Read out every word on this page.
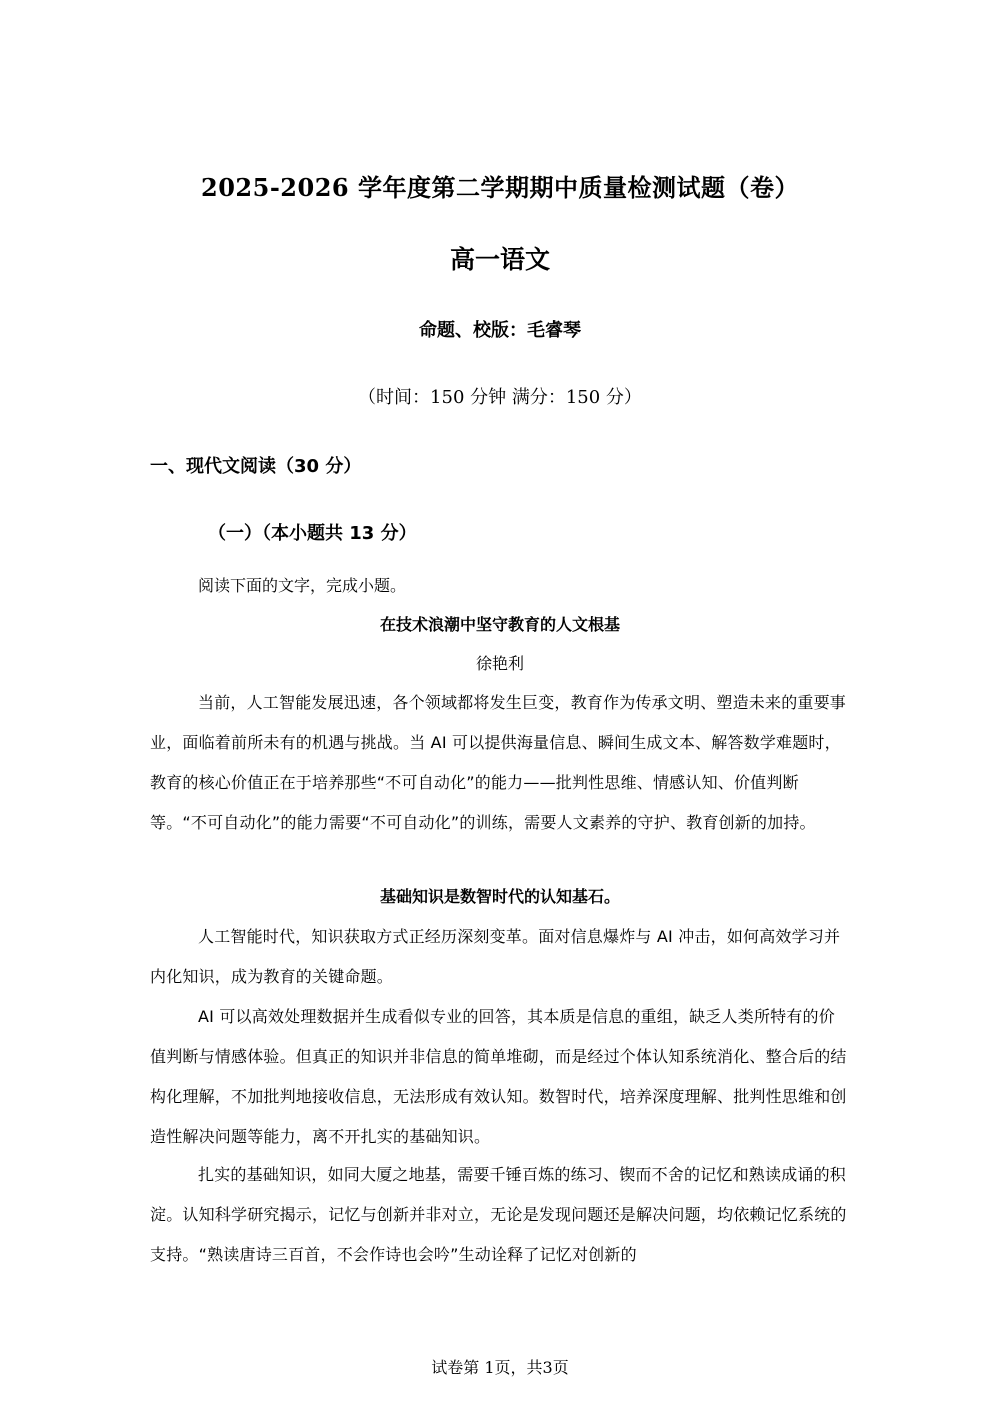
2025-2026 学年度第二学期期中质量检测试题（卷）
高一语文
命题、校版：毛睿琴
（时间：150 分钟 满分：150 分）
一、现代文阅读（30 分）
（一）（本小题共 13 分）
阅读下面的文字，完成小题。
在技术浪潮中坚守教育的人文根基
徐艳利
当前，人工智能发展迅速，各个领域都将发生巨变，教育作为传承文明、塑造未来的重要事业，面临着前所未有的机遇与挑战。当 AI 可以提供海量信息、瞬间生成文本、解答数学难题时，教育的核心价值正在于培养那些“不可自动化”的能力——批判性思维、情感认知、价值判断等。“不可自动化”的能力需要“不可自动化”的训练，需要人文素养的守护、教育创新的加持。
基础知识是数智时代的认知基石。
人工智能时代，知识获取方式正经历深刻变革。面对信息爆炸与 AI 冲击，如何高效学习并内化知识，成为教育的关键命题。
AI 可以高效处理数据并生成看似专业的回答，其本质是信息的重组，缺乏人类所特有的价值判断与情感体验。但真正的知识并非信息的简单堆砌，而是经过个体认知系统消化、整合后的结构化理解，不加批判地接收信息，无法形成有效认知。数智时代，培养深度理解、批判性思维和创造性解决问题等能力，离不开扎实的基础知识。
扎实的基础知识，如同大厦之地基，需要千锤百炼的练习、锲而不舍的记忆和熟读成诵的积淀。认知科学研究揭示，记忆与创新并非对立，无论是发现问题还是解决问题，均依赖记忆系统的支持。“熟读唐诗三百首，不会作诗也会吟”生动诠释了记忆对创新的
试卷第 1页，共3页
